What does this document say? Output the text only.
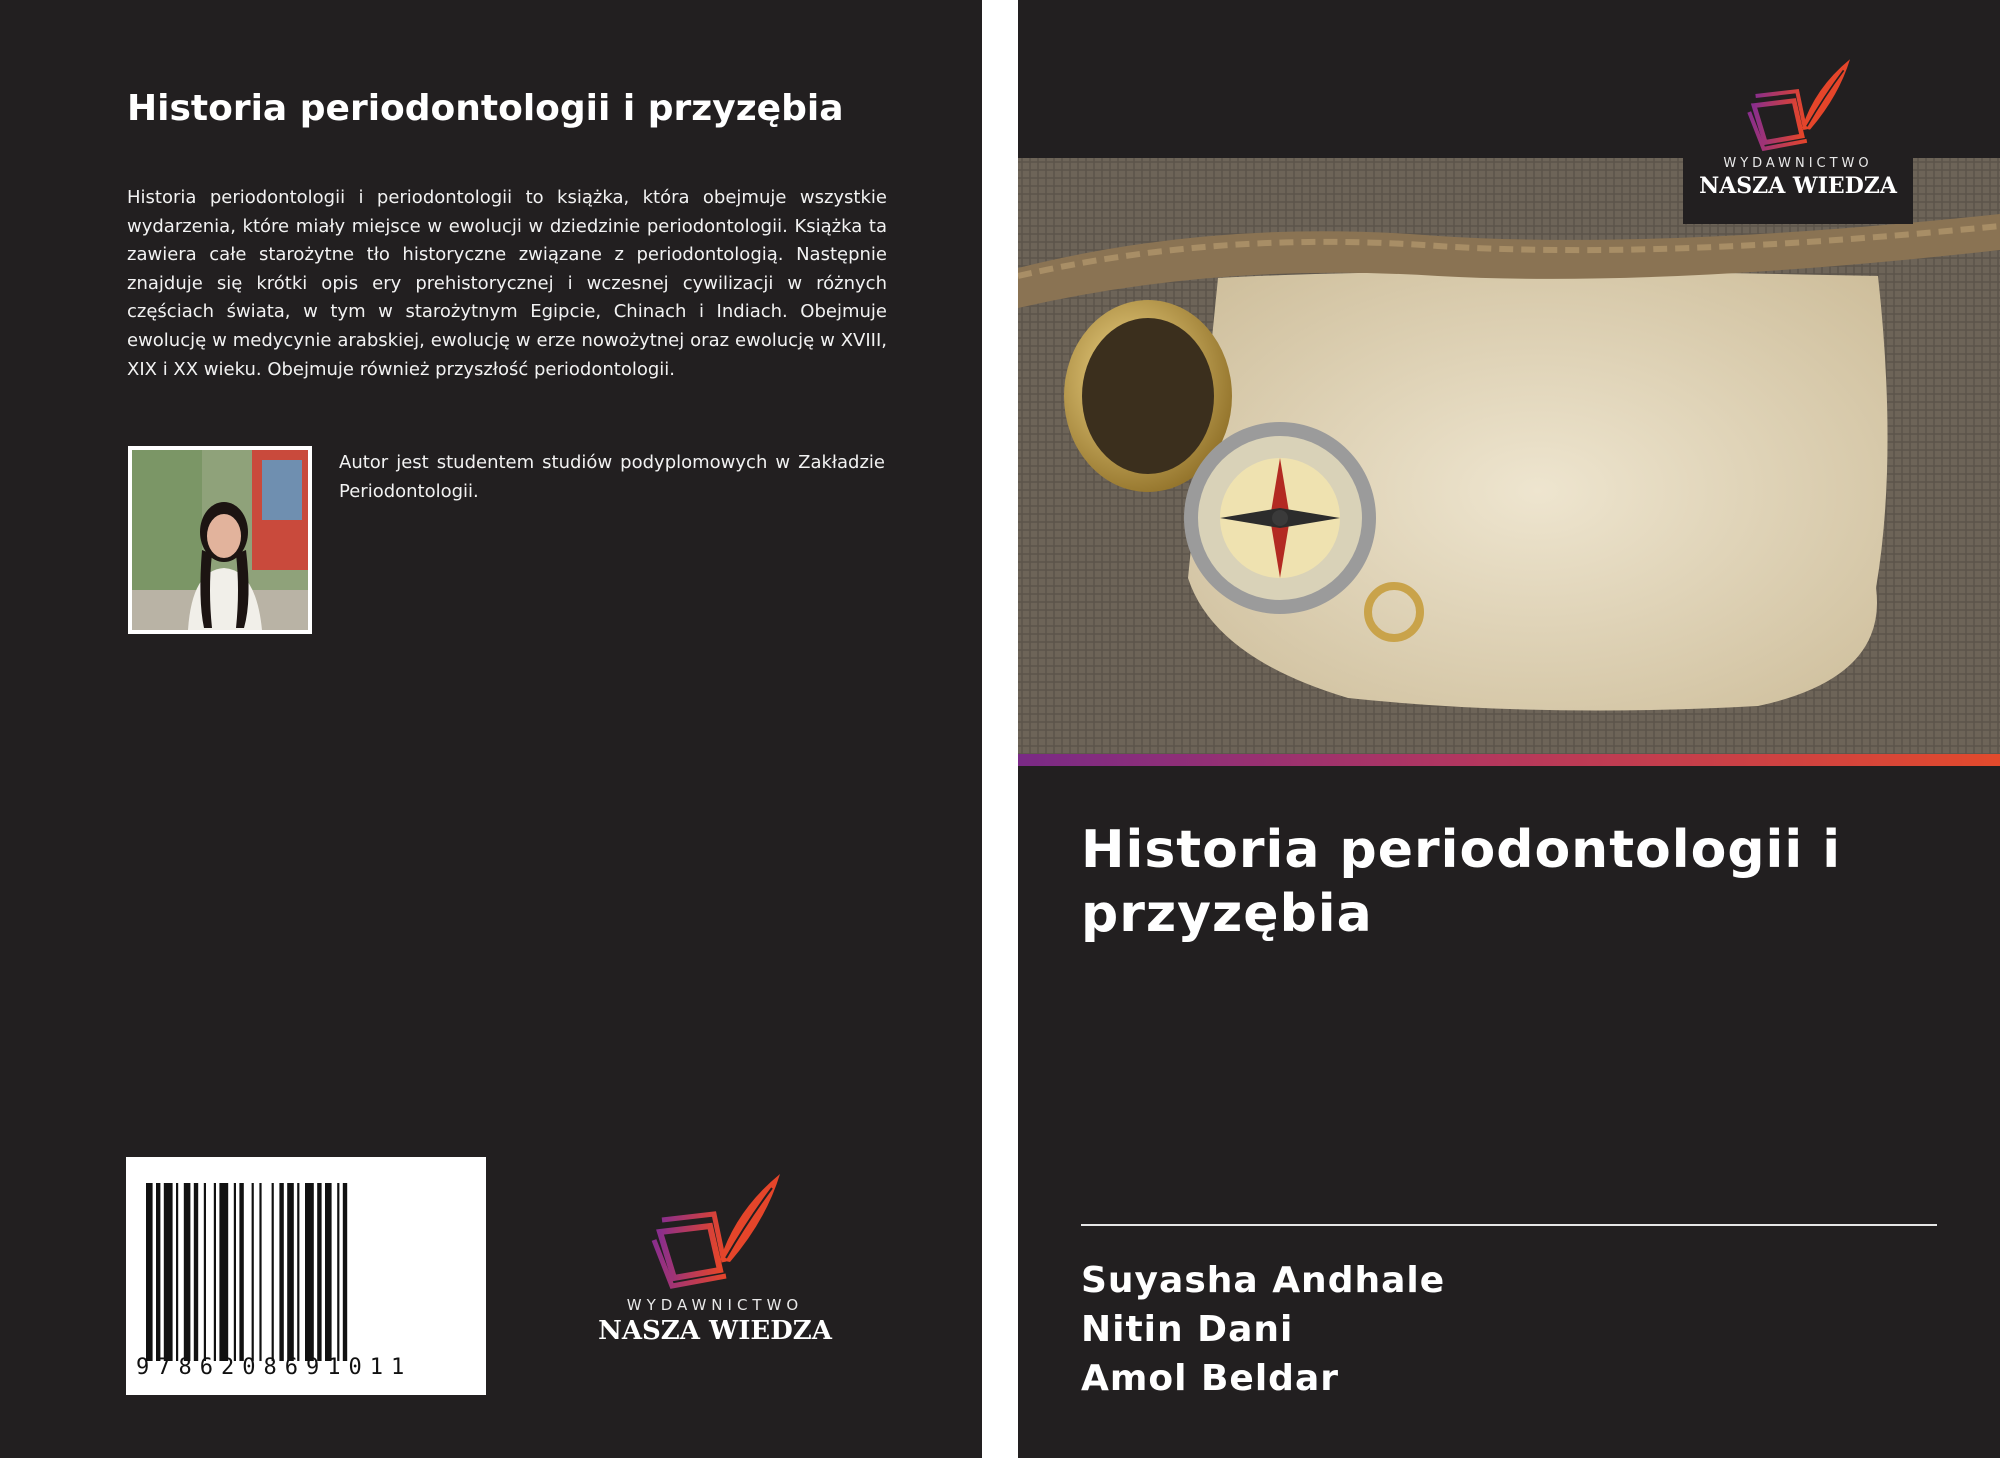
Historia periodontologii i przyzębia
Historia periodontologii i periodontologii to książka, która obejmuje wszystkie wydarzenia, które miały miejsce w ewolucji w dziedzinie periodontologii. Książka ta zawiera całe starożytne tło historyczne związane z periodontologią. Następnie znajduje się krótki opis ery prehistorycznej i wczesnej cywilizacji w różnych częściach świata, w tym w starożytnym Egipcie, Chinach i Indiach. Obejmuje ewolucję w medycynie arabskiej, ewolucję w erze nowożytnej oraz ewolucję w XVIII, XIX i XX wieku. Obejmuje również przyszłość periodontologii.
Autor jest studentem studiów podyplomowych w Zakładzie Periodontologii.
9786208691011
WYDAWNICTWO
NASZA WIEDZA
WYDAWNICTWO
NASZA WIEDZA
Historia periodontologii i przyzębia
Suyasha Andhale
Nitin Dani
Amol Beldar
